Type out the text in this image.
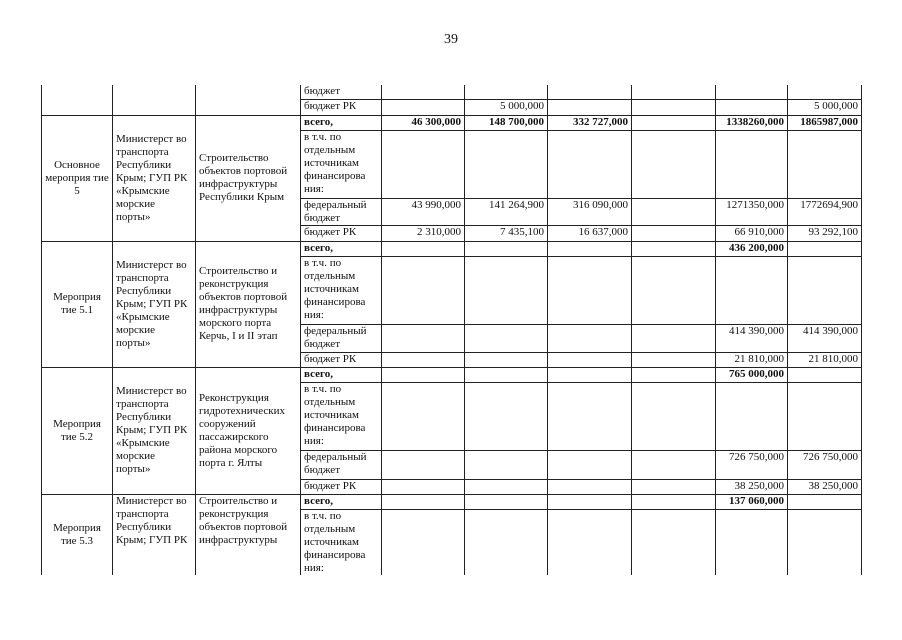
39
			бюджет						
			бюджет РК		5 000,000				5 000,000
Основное мероприя тие 5	Министерст во транспорта Республики Крым; ГУП РК «Крымские морские порты»	Строительство объектов портовой инфраструктуры Республики Крым	всего,	46 300,000	148 700,000	332 727,000		1338260,000	1865987,000
			в т.ч. по отдельным источникам финансирова ния:						
			федеральный бюджет	43 990,000	141 264,900	316 090,000		1271350,000	1772694,900
			бюджет РК	2 310,000	7 435,100	16 637,000		66 910,000	93 292,100
Мероприя тие 5.1	Министерст во транспорта Республики Крым; ГУП РК «Крымские морские порты»	Строительство и реконструкция объектов портовой инфраструктуры морского порта Керчь, I и II этап	всего,					436 200,000	
			в т.ч. по отдельным источникам финансирова ния:						
			федеральный бюджет					414 390,000	414 390,000
			бюджет РК					21 810,000	21 810,000
Мероприя тие 5.2	Министерст во транспорта Республики Крым; ГУП РК «Крымские морские порты»	Реконструкция гидротехнических сооружений пассажирского района морского порта г. Ялты	всего,					765 000,000	
			в т.ч. по отдельным источникам финансирова ния:						
			федеральный бюджет					726 750,000	726 750,000
			бюджет РК					38 250,000	38 250,000
Мероприя тие 5.3	Министерст во транспорта Республики Крым; ГУП РК	Строительство и реконструкция объектов портовой инфраструктуры	всего,					137 060,000	
			в т.ч. по отдельным источникам финансирова ния:						
